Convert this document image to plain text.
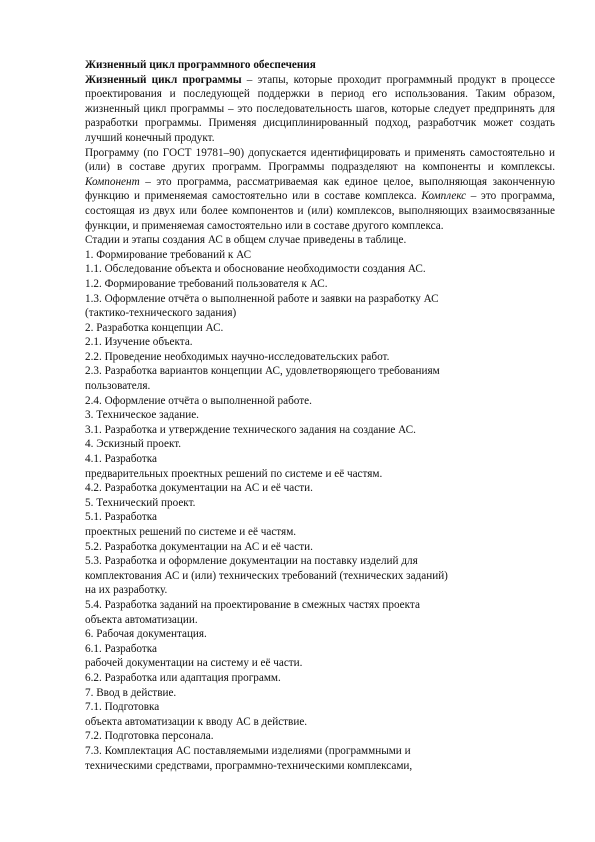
Жизненный цикл программного обеспечения

Жизненный цикл программы – этапы, которые проходит программный продукт в процессе проектирования и последующей поддержки в период его использования. Таким образом, жизненный цикл программы – это последовательность шагов, которые следует предпринять для разработки программы. Применяя дисциплинированный подход, разработчик может создать лучший конечный продукт.

Программу (по ГОСТ 19781–90) допускается идентифицировать и применять самостоятельно и (или) в составе других программ. Программы подразделяют на компоненты и комплексы. Компонент – это программа, рассматриваемая как единое целое, выполняющая законченную функцию и применяемая самостоятельно или в составе комплекса. Комплекс – это программа, состоящая из двух или более компонентов и (или) комплексов, выполняющих взаимосвязанные функции, и применяемая самостоятельно или в составе другого комплекса.

Стадии и этапы создания АС в общем случае приведены в таблице.

1. Формирование требований к АС

1.1. Обследование объекта и обоснование необходимости создания АС.

1.2. Формирование требований пользователя к АС.

1.3. Оформление отчёта о выполненной работе и заявки на разработку АС

(тактико-технического задания)

2. Разработка концепции АС.

2.1. Изучение объекта.

2.2. Проведение необходимых научно-исследовательских работ.

2.3. Разработка вариантов концепции АС, удовлетворяющего требованиям

пользователя.

2.4. Оформление отчёта о выполненной работе.

3. Техническое задание.

3.1. Разработка и утверждение технического задания на создание АС.

4. Эскизный проект.

4.1. Разработка

предварительных проектных решений по системе и её частям.

4.2. Разработка документации на АС и её части.

5. Технический проект.

5.1. Разработка

проектных решений по системе и её частям.

5.2. Разработка документации на АС и её части.

5.3. Разработка и оформление документации на поставку изделий для

комплектования АС и (или) технических требований (технических заданий)

на их разработку.

5.4. Разработка заданий на проектирование в смежных частях проекта

объекта автоматизации.

6. Рабочая документация.

6.1. Разработка

рабочей документации на систему и её части.

6.2. Разработка или адаптация программ.

7. Ввод в действие.

7.1. Подготовка

объекта автоматизации к вводу АС в действие.

7.2. Подготовка персонала.

7.3. Комплектация АС поставляемыми изделиями (программными и

техническими средствами, программно-техническими комплексами,
